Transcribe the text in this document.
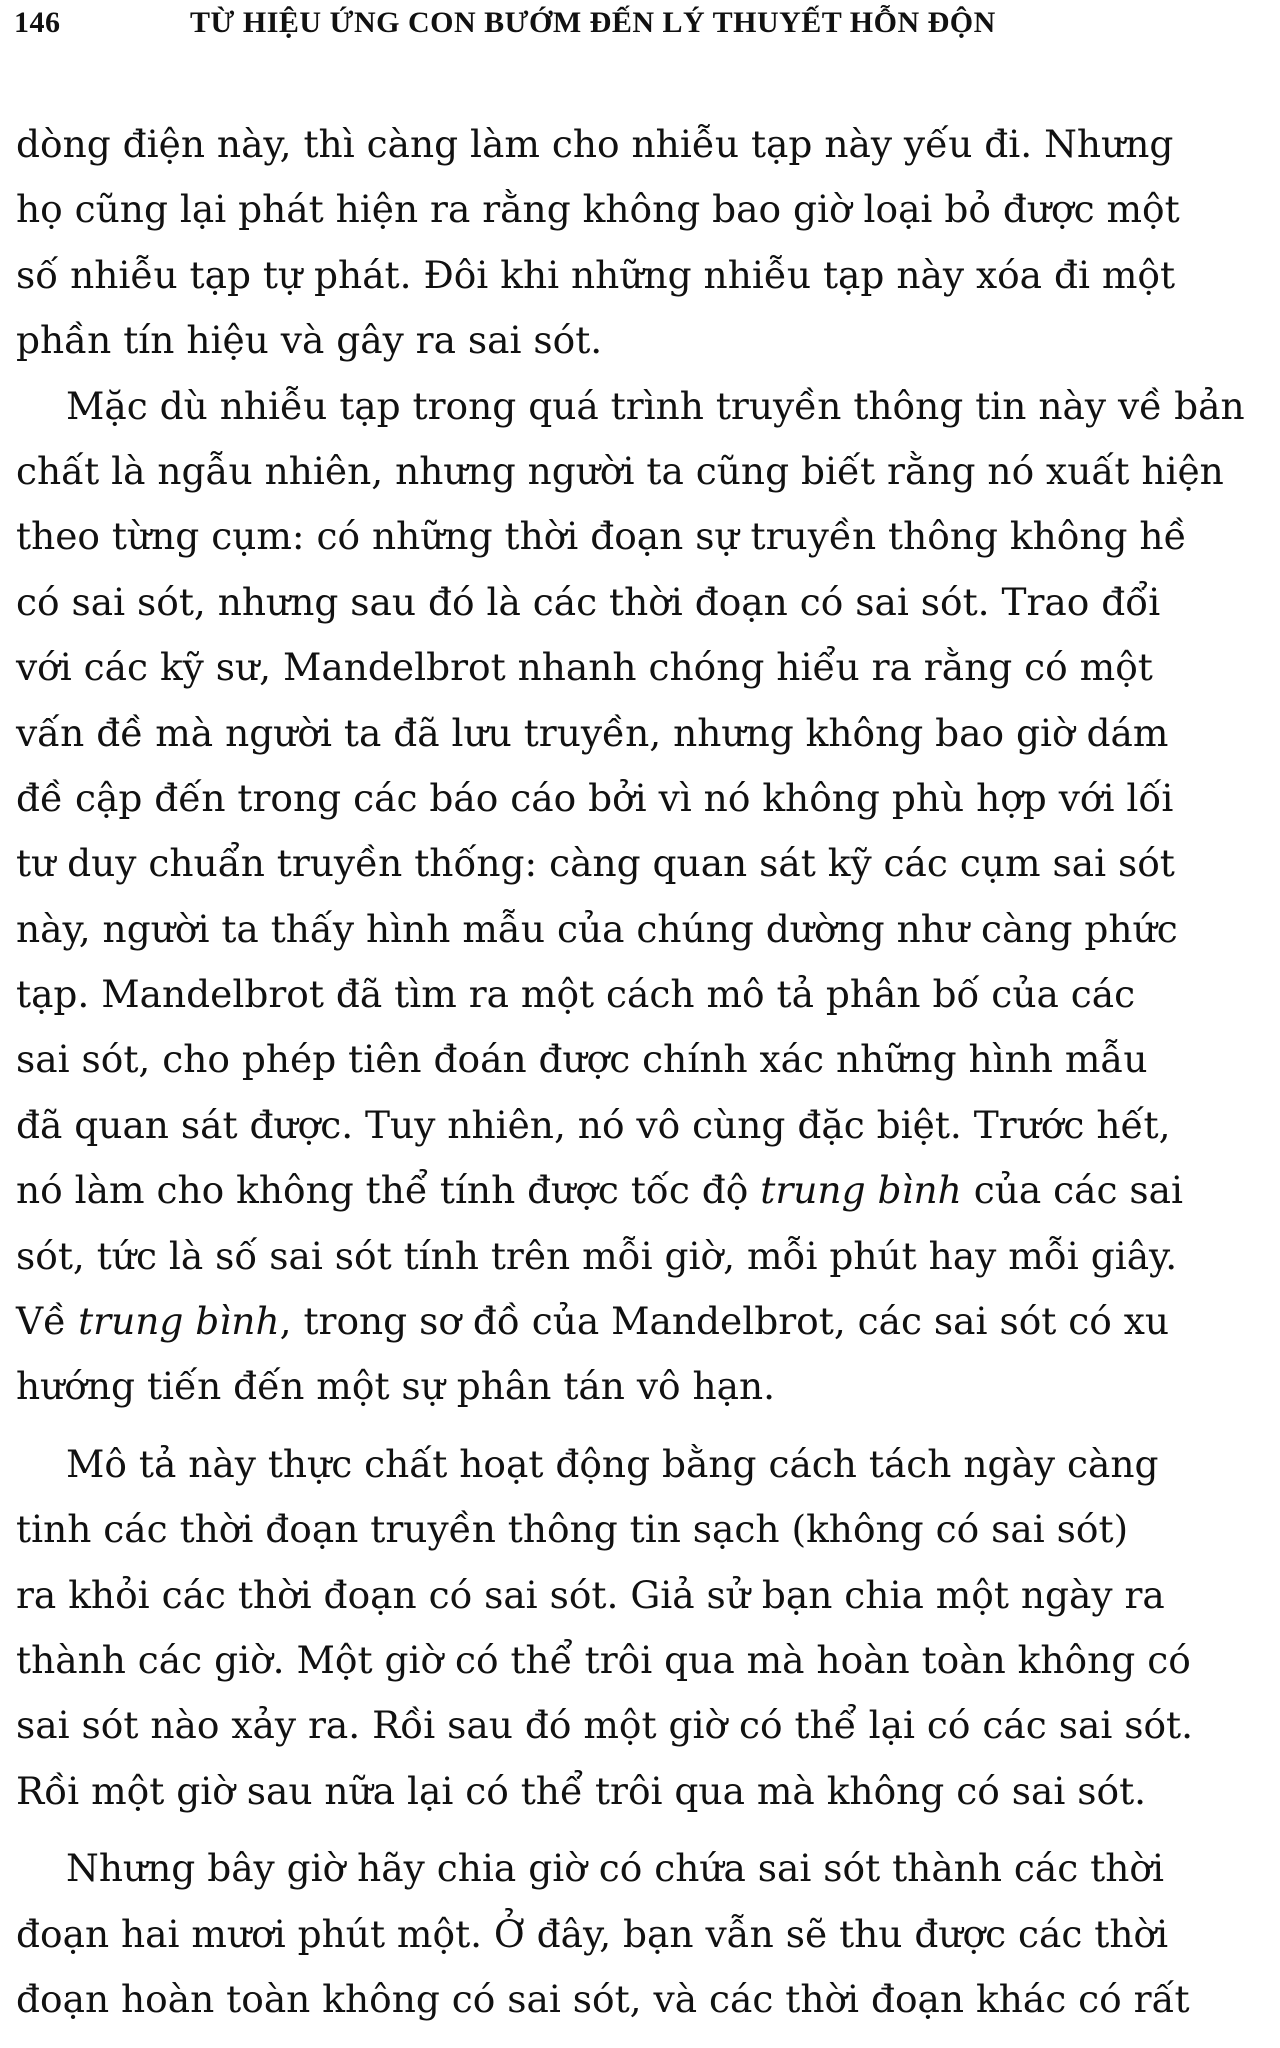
146	TỪ HIỆU ỨNG CON BƯỚM ĐẾN LÝ THUYẾT HỖN ĐỘN
dòng điện này, thì càng làm cho nhiễu tạp này yếu đi. Nhưng
họ cũng lại phát hiện ra rằng không bao giờ loại bỏ được một
số nhiễu tạp tự phát. Đôi khi những nhiễu tạp này xóa đi một
phần tín hiệu và gây ra sai sót.
Mặc dù nhiễu tạp trong quá trình truyền thông tin này về bản
chất là ngẫu nhiên, nhưng người ta cũng biết rằng nó xuất hiện
theo từng cụm: có những thời đoạn sự truyền thông không hề
có sai sót, nhưng sau đó là các thời đoạn có sai sót. Trao đổi
với các kỹ sư, Mandelbrot nhanh chóng hiểu ra rằng có một
vấn đề mà người ta đã lưu truyền, nhưng không bao giờ dám
đề cập đến trong các báo cáo bởi vì nó không phù hợp với lối
tư duy chuẩn truyền thống: càng quan sát kỹ các cụm sai sót
này, người ta thấy hình mẫu của chúng dường như càng phức
tạp. Mandelbrot đã tìm ra một cách mô tả phân bố của các
sai sót, cho phép tiên đoán được chính xác những hình mẫu
đã quan sát được. Tuy nhiên, nó vô cùng đặc biệt. Trước hết,
nó làm cho không thể tính được tốc độ trung bình của các sai
sót, tức là số sai sót tính trên mỗi giờ, mỗi phút hay mỗi giây.
Về trung bình, trong sơ đồ của Mandelbrot, các sai sót có xu
hướng tiến đến một sự phân tán vô hạn.
Mô tả này thực chất hoạt động bằng cách tách ngày càng
tinh các thời đoạn truyền thông tin sạch (không có sai sót)
ra khỏi các thời đoạn có sai sót. Giả sử bạn chia một ngày ra
thành các giờ. Một giờ có thể trôi qua mà hoàn toàn không có
sai sót nào xảy ra. Rồi sau đó một giờ có thể lại có các sai sót.
Rồi một giờ sau nữa lại có thể trôi qua mà không có sai sót.
Nhưng bây giờ hãy chia giờ có chứa sai sót thành các thời
đoạn hai mươi phút một. Ở đây, bạn vẫn sẽ thu được các thời
đoạn hoàn toàn không có sai sót, và các thời đoạn khác có rất
